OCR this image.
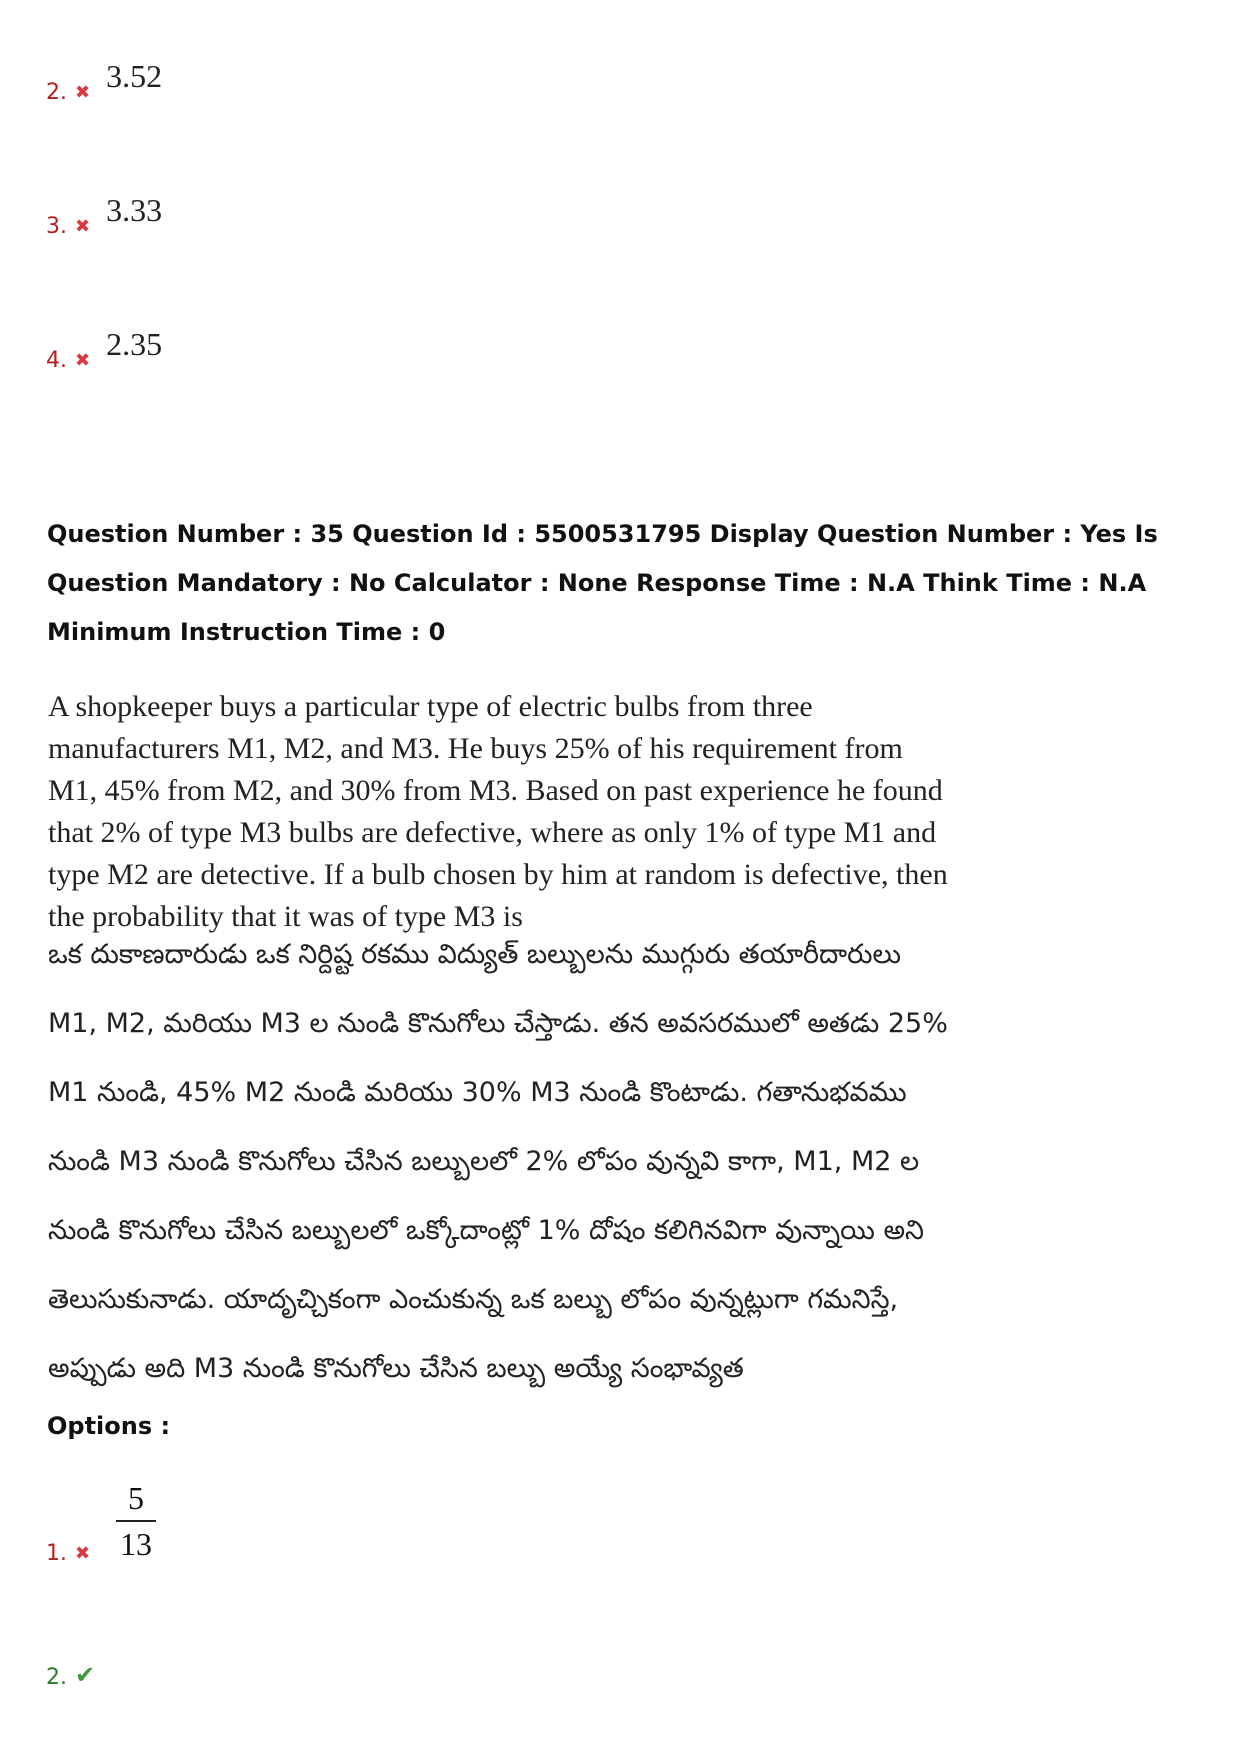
2. ✖ 3.52
3. ✖ 3.33
4. ✖ 2.35
Question Number : 35 Question Id : 5500531795 Display Question Number : Yes Is Question Mandatory : No Calculator : None Response Time : N.A Think Time : N.A Minimum Instruction Time : 0
A shopkeeper buys a particular type of electric bulbs from three manufacturers M1, M2, and M3. He buys 25% of his requirement from M1, 45% from M2, and 30% from M3. Based on past experience he found that 2% of type M3 bulbs are defective, where as only 1% of type M1 and type M2 are detective. If a bulb chosen by him at random is defective, then the probability that it was of type M3 is
ఒక దుకాణదారుడు ఒక నిర్దిష్ట రకము విద్యుత్ బల్బులను ముగ్గురు తయారీదారులు M1, M2, మరియు M3 ల నుండి కొనుగోలు చేస్తాడు. తన అవసరములో అతడు 25% M1 నుండి, 45% M2 నుండి మరియు 30% M3 నుండి కొంటాడు. గతానుభవము నుండి M3 నుండి కొనుగోలు చేసిన బల్బులలో 2% లోపం వున్నవి కాగా, M1, M2 ల నుండి కొనుగోలు చేసిన బల్బులలో ఒక్కోదాంట్లో 1% దోషం కలిగినవిగా వున్నాయి అని తెలుసుకునాడు. యాదృచ్చికంగా ఎంచుకున్న ఒక బల్బు లోపం వున్నట్లుగా గమనిస్తే, అప్పుడు అది M3 నుండి కొనుగోలు చేసిన బల్బు అయ్యే సంభావ్యత
Options :
1. ✖
5
13
2. ✔
